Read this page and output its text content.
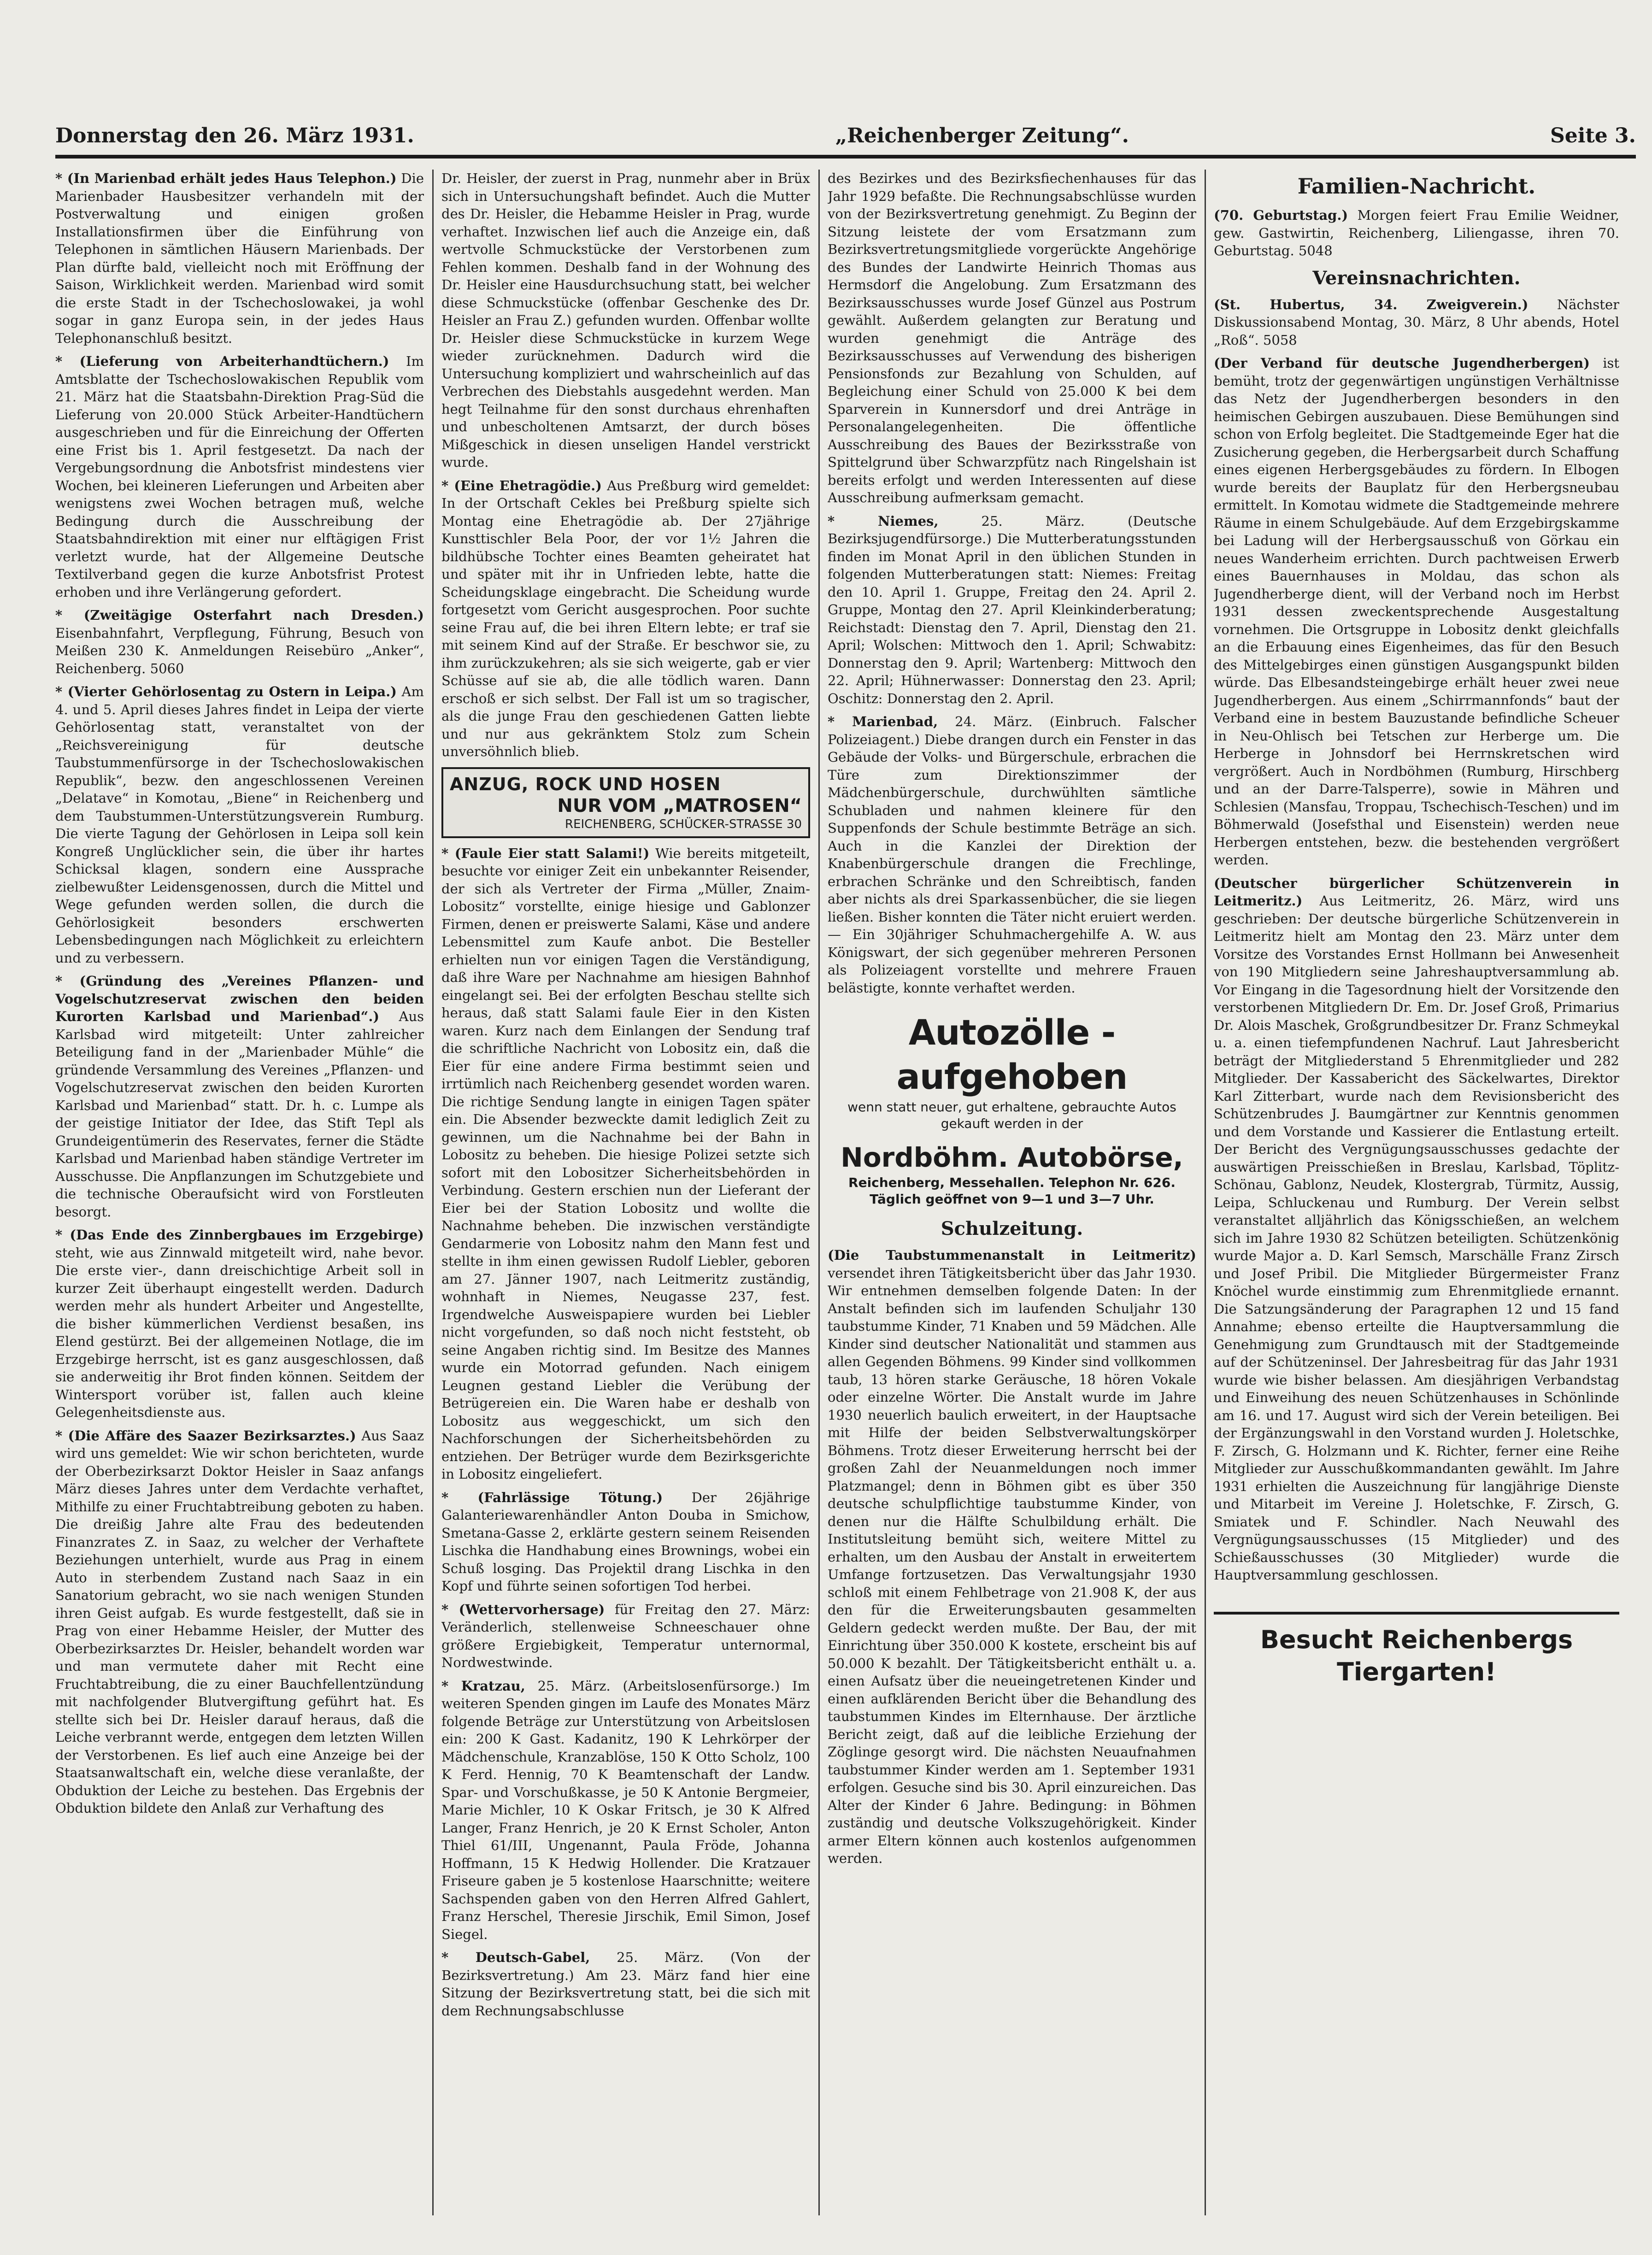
Donnerstag den 26. März 1931.	„Reichenberger Zeitung“.	Seite 3.

* (In Marienbad erhält jedes Haus Telephon.) Die Marienbader Hausbesitzer verhandeln mit der Postverwaltung und einigen großen Installationsfirmen über die Einführung von Telephonen in sämtlichen Häusern Marienbads. Der Plan dürfte bald, vielleicht noch mit Eröffnung der Saison, Wirklichkeit werden. Marienbad wird somit die erste Stadt in der Tschechoslowakei, ja wohl sogar in ganz Europa sein, in der jedes Haus Telephonanschluß besitzt.

* (Lieferung von Arbeiterhandtüchern.) Im Amtsblatte der Tschechoslowakischen Republik vom 21. März hat die Staatsbahn-Direktion Prag-Süd die Lieferung von 20.000 Stück Arbeiter-Handtüchern ausgeschrieben und für die Einreichung der Offerten eine Frist bis 1. April festgesetzt. Da nach der Vergebungsordnung die Anbotsfrist mindestens vier Wochen, bei kleineren Lieferungen und Arbeiten aber wenigstens zwei Wochen betragen muß, welche Bedingung durch die Ausschreibung der Staatsbahndirektion mit einer nur elftägigen Frist verletzt wurde, hat der Allgemeine Deutsche Textilverband gegen die kurze Anbotsfrist Protest erhoben und ihre Verlängerung gefordert.

* (Zweitägige Osterfahrt nach Dresden.) Eisenbahnfahrt, Verpflegung, Führung, Besuch von Meißen 230 K. Anmeldungen Reisebüro „Anker“, Reichenberg. 5060

* (Vierter Gehörlosentag zu Ostern in Leipa.) Am 4. und 5. April dieses Jahres findet in Leipa der vierte Gehörlosentag statt, veranstaltet von der „Reichsvereinigung für deutsche Taubstummenfürsorge in der Tschechoslowakischen Republik“, bezw. den angeschlossenen Vereinen „Delatave“ in Komotau, „Biene“ in Reichenberg und dem Taubstummen-Unterstützungsverein Rumburg. Die vierte Tagung der Gehörlosen in Leipa soll kein Kongreß Unglücklicher sein, die über ihr hartes Schicksal klagen, sondern eine Aussprache zielbewußter Leidensgenossen, durch die Mittel und Wege gefunden werden sollen, die durch die Gehörlosigkeit besonders erschwerten Lebensbedingungen nach Möglichkeit zu erleichtern und zu verbessern.

* (Gründung des „Vereines Pflanzen- und Vogelschutzreservat zwischen den beiden Kurorten Karlsbad und Marienbad“.) Aus Karlsbad wird mitgeteilt: Unter zahlreicher Beteiligung fand in der „Marienbader Mühle“ die gründende Versammlung des Vereines „Pflanzen- und Vogelschutzreservat zwischen den beiden Kurorten Karlsbad und Marienbad“ statt. Dr. h. c. Lumpe als der geistige Initiator der Idee, das Stift Tepl als Grundeigentümerin des Reservates, ferner die Städte Karlsbad und Marienbad haben ständige Vertreter im Ausschusse. Die Anpflanzungen im Schutzgebiete und die technische Oberaufsicht wird von Forstleuten besorgt.

* (Das Ende des Zinnbergbaues im Erzgebirge) steht, wie aus Zinnwald mitgeteilt wird, nahe bevor. Die erste vier-, dann dreischichtige Arbeit soll in kurzer Zeit überhaupt eingestellt werden. Dadurch werden mehr als hundert Arbeiter und Angestellte, die bisher kümmerlichen Verdienst besaßen, ins Elend gestürzt. Bei der allgemeinen Notlage, die im Erzgebirge herrscht, ist es ganz ausgeschlossen, daß sie anderweitig ihr Brot finden können. Seitdem der Wintersport vorüber ist, fallen auch kleine Gelegenheitsdienste aus.

* (Die Affäre des Saazer Bezirksarztes.) Aus Saaz wird uns gemeldet: Wie wir schon berichteten, wurde der Oberbezirksarzt Doktor Heisler in Saaz anfangs März dieses Jahres unter dem Verdachte verhaftet, Mithilfe zu einer Fruchtabtreibung geboten zu haben. Die dreißig Jahre alte Frau des bedeutenden Finanzrates Z. in Saaz, zu welcher der Verhaftete Beziehungen unterhielt, wurde aus Prag in einem Auto in sterbendem Zustand nach Saaz in ein Sanatorium gebracht, wo sie nach wenigen Stunden ihren Geist aufgab. Es wurde festgestellt, daß sie in Prag von einer Hebamme Heisler, der Mutter des Oberbezirksarztes Dr. Heisler, behandelt worden war und man vermutete daher mit Recht eine Fruchtabtreibung, die zu einer Bauchfellentzündung mit nachfolgender Blutvergiftung geführt hat. Es stellte sich bei Dr. Heisler darauf heraus, daß die Leiche verbrannt werde, entgegen dem letzten Willen der Verstorbenen. Es lief auch eine Anzeige bei der Staatsanwaltschaft ein, welche diese veranlaßte, der Obduktion der Leiche zu bestehen. Das Ergebnis der Obduktion bildete den Anlaß zur Verhaftung des

Dr. Heisler, der zuerst in Prag, nunmehr aber in Brüx sich in Untersuchungshaft befindet. Auch die Mutter des Dr. Heisler, die Hebamme Heisler in Prag, wurde verhaftet. Inzwischen lief auch die Anzeige ein, daß wertvolle Schmuckstücke der Verstorbenen zum Fehlen kommen. Deshalb fand in der Wohnung des Dr. Heisler eine Hausdurchsuchung statt, bei welcher diese Schmuckstücke (offenbar Geschenke des Dr. Heisler an Frau Z.) gefunden wurden. Offenbar wollte Dr. Heisler diese Schmuckstücke in kurzem Wege wieder zurücknehmen. Dadurch wird die Untersuchung kompliziert und wahrscheinlich auf das Verbrechen des Diebstahls ausgedehnt werden. Man hegt Teilnahme für den sonst durchaus ehrenhaften und unbescholtenen Amtsarzt, der durch böses Mißgeschick in diesen unseligen Handel verstrickt wurde.

* (Eine Ehetragödie.) Aus Preßburg wird gemeldet: In der Ortschaft Cekles bei Preßburg spielte sich Montag eine Ehetragödie ab. Der 27jährige Kunsttischler Bela Poor, der vor 1½ Jahren die bildhübsche Tochter eines Beamten geheiratet hat und später mit ihr in Unfrieden lebte, hatte die Scheidungsklage eingebracht. Die Scheidung wurde fortgesetzt vom Gericht ausgesprochen. Poor suchte seine Frau auf, die bei ihren Eltern lebte; er traf sie mit seinem Kind auf der Straße. Er beschwor sie, zu ihm zurückzukehren; als sie sich weigerte, gab er vier Schüsse auf sie ab, die alle tödlich waren. Dann erschoß er sich selbst. Der Fall ist um so tragischer, als die junge Frau den geschiedenen Gatten liebte und nur aus gekränktem Stolz zum Schein unversöhnlich blieb.

ANZUG, ROCK UND HOSEN
NUR VOM „MATROSEN“
REICHENBERG, SCHÜCKER-STRASSE 30

* (Faule Eier statt Salami!) Wie bereits mitgeteilt, besuchte vor einiger Zeit ein unbekannter Reisender, der sich als Vertreter der Firma „Müller, Znaim-Lobositz“ vorstellte, einige hiesige und Gablonzer Firmen, denen er preiswerte Salami, Käse und andere Lebensmittel zum Kaufe anbot. Die Besteller erhielten nun vor einigen Tagen die Verständigung, daß ihre Ware per Nachnahme am hiesigen Bahnhof eingelangt sei. Bei der erfolgten Beschau stellte sich heraus, daß statt Salami faule Eier in den Kisten waren. Kurz nach dem Einlangen der Sendung traf die schriftliche Nachricht von Lobositz ein, daß die Eier für eine andere Firma bestimmt seien und irrtümlich nach Reichenberg gesendet worden waren. Die richtige Sendung langte in einigen Tagen später ein. Die Absender bezweckte damit lediglich Zeit zu gewinnen, um die Nachnahme bei der Bahn in Lobositz zu beheben. Die hiesige Polizei setzte sich sofort mit den Lobositzer Sicherheitsbehörden in Verbindung. Gestern erschien nun der Lieferant der Eier bei der Station Lobositz und wollte die Nachnahme beheben. Die inzwischen verständigte Gendarmerie von Lobositz nahm den Mann fest und stellte in ihm einen gewissen Rudolf Liebler, geboren am 27. Jänner 1907, nach Leitmeritz zuständig, wohnhaft in Niemes, Neugasse 237, fest. Irgendwelche Ausweispapiere wurden bei Liebler nicht vorgefunden, so daß noch nicht feststeht, ob seine Angaben richtig sind. Im Besitze des Mannes wurde ein Motorrad gefunden. Nach einigem Leugnen gestand Liebler die Verübung der Betrügereien ein. Die Waren habe er deshalb von Lobositz aus weggeschickt, um sich den Nachforschungen der Sicherheitsbehörden zu entziehen. Der Betrüger wurde dem Bezirksgerichte in Lobositz eingeliefert.

* (Fahrlässige Tötung.) Der 26jährige Galanteriewarenhändler Anton Douba in Smichow, Smetana-Gasse 2, erklärte gestern seinem Reisenden Lischka die Handhabung eines Brownings, wobei ein Schuß losging. Das Projektil drang Lischka in den Kopf und führte seinen sofortigen Tod herbei.

* (Wettervorhersage) für Freitag den 27. März: Veränderlich, stellenweise Schneeschauer ohne größere Ergiebigkeit, Temperatur unternormal, Nordwestwinde.

* Kratzau, 25. März. (Arbeitslosenfürsorge.) Im weiteren Spenden gingen im Laufe des Monates März folgende Beträge zur Unterstützung von Arbeitslosen ein: 200 K Gast. Kadanitz, 190 K Lehrkörper der Mädchenschule, Kranzablöse, 150 K Otto Scholz, 100 K Ferd. Hennig, 70 K Beamtenschaft der Landw. Spar- und Vorschußkasse, je 50 K Antonie Bergmeier, Marie Michler, 10 K Oskar Fritsch, je 30 K Alfred Langer, Franz Henrich, je 20 K Ernst Scholer, Anton Thiel 61/III, Ungenannt, Paula Fröde, Johanna Hoffmann, 15 K Hedwig Hollender. Die Kratzauer Friseure gaben je 5 kostenlose Haarschnitte; weitere Sachspenden gaben von den Herren Alfred Gahlert, Franz Herschel, Theresie Jirschik, Emil Simon, Josef Siegel.

* Deutsch-Gabel, 25. März. (Von der Bezirksvertretung.) Am 23. März fand hier eine Sitzung der Bezirksvertretung statt, bei die sich mit dem Rechnungsabschlusse

des Bezirkes und des Bezirksfiechenhauses für das Jahr 1929 befaßte. Die Rechnungsabschlüsse wurden von der Bezirksvertretung genehmigt. Zu Beginn der Sitzung leistete der vom Ersatzmann zum Bezirksvertretungsmitgliede vorgerückte Angehörige des Bundes der Landwirte Heinrich Thomas aus Hermsdorf die Angelobung. Zum Ersatzmann des Bezirksausschusses wurde Josef Günzel aus Postrum gewählt. Außerdem gelangten zur Beratung und wurden genehmigt die Anträge des Bezirksausschusses auf Verwendung des bisherigen Pensionsfonds zur Bezahlung von Schulden, auf Begleichung einer Schuld von 25.000 K bei dem Sparverein in Kunnersdorf und drei Anträge in Personalangelegenheiten. Die öffentliche Ausschreibung des Baues der Bezirksstraße von Spittelgrund über Schwarzpfütz nach Ringelshain ist bereits erfolgt und werden Interessenten auf diese Ausschreibung aufmerksam gemacht.

* Niemes,	25. März. (Deutsche Bezirksjugendfürsorge.) Die Mutterberatungsstunden finden im Monat April in den üblichen Stunden in folgenden Mutterberatungen statt: Niemes: Freitag den 10. April 1. Gruppe, Freitag den 24. April 2. Gruppe, Montag den 27. April Kleinkinderberatung; Reichstadt: Dienstag den 7. April, Dienstag den 21. April; Wolschen: Mittwoch den 1. April; Schwabitz: Donnerstag den 9. April; Wartenberg: Mittwoch den 22. April; Hühnerwasser: Donnerstag den 23. April; Oschitz: Donnerstag den 2. April.

* Marienbad, 24. März. (Einbruch. Falscher Polizeiagent.) Diebe drangen durch ein Fenster in das Gebäude der Volks- und Bürgerschule, erbrachen die Türe zum Direktionszimmer der Mädchenbürgerschule, durchwühlten sämtliche Schubladen und nahmen kleinere für den Suppenfonds der Schule bestimmte Beträge an sich. Auch in die Kanzlei der Direktion der Knabenbürgerschule drangen die Frechlinge, erbrachen Schränke und den Schreibtisch, fanden aber nichts als drei Sparkassenbücher, die sie liegen ließen. Bisher konnten die Täter nicht eruiert werden. — Ein 30jähriger Schuhmachergehilfe A. W. aus Königswart, der sich gegenüber mehreren Personen als Polizeiagent vorstellte und mehrere Frauen belästigte, konnte verhaftet werden.

Autozölle - aufgehoben
wenn statt neuer, gut erhaltene, gebrauchte Autos gekauft werden in der
Nordböhm. Autobörse,
Reichenberg, Messehallen. Telephon Nr. 626. Täglich geöffnet von 9—1 und 3—7 Uhr.
Schulzeitung.

(Die Taubstummenanstalt in Leitmeritz) versendet ihren Tätigkeitsbericht über das Jahr 1930. Wir entnehmen demselben folgende Daten: In der Anstalt befinden sich im laufenden Schuljahr 130 taubstumme Kinder, 71 Knaben und 59 Mädchen. Alle Kinder sind deutscher Nationalität und stammen aus allen Gegenden Böhmens. 99 Kinder sind vollkommen taub, 13 hören starke Geräusche, 18 hören Vokale oder einzelne Wörter. Die Anstalt wurde im Jahre 1930 neuerlich baulich erweitert, in der Hauptsache mit Hilfe der beiden Selbstverwaltungskörper Böhmens. Trotz dieser Erweiterung herrscht bei der großen Zahl der Neuanmeldungen noch immer Platzmangel; denn in Böhmen gibt es über 350 deutsche schulpflichtige taubstumme Kinder, von denen nur die Hälfte Schulbildung erhält. Die Institutsleitung bemüht sich, weitere Mittel zu erhalten, um den Ausbau der Anstalt in erweitertem Umfange fortzusetzen. Das Verwaltungsjahr 1930 schloß mit einem Fehlbetrage von 21.908 K, der aus den für die Erweiterungsbauten gesammelten Geldern gedeckt werden mußte. Der Bau, der mit Einrichtung über 350.000 K kostete, erscheint bis auf 50.000 K bezahlt. Der Tätigkeitsbericht enthält u. a. einen Aufsatz über die neueingetretenen Kinder und einen aufklärenden Bericht über die Behandlung des taubstummen Kindes im Elternhause. Der ärztliche Bericht zeigt, daß auf die leibliche Erziehung der Zöglinge gesorgt wird. Die nächsten Neuaufnahmen taubstummer Kinder werden am 1. September 1931 erfolgen. Gesuche sind bis 30. April einzureichen. Das Alter der Kinder 6 Jahre. Bedingung: in Böhmen zuständig und deutsche Volkszugehörigkeit. Kinder armer Eltern können auch kostenlos aufgenommen werden.

Familien-Nachricht.

(70. Geburtstag.) Morgen feiert Frau Emilie Weidner, gew. Gastwirtin, Reichenberg, Liliengasse, ihren 70. Geburtstag. 5048

Vereinsnachrichten.

(St. Hubertus, 34. Zweigverein.) Nächster Diskussionsabend Montag, 30. März, 8 Uhr abends, Hotel „Roß“. 5058

(Der Verband für deutsche Jugendherbergen) ist bemüht, trotz der gegenwärtigen ungünstigen Verhältnisse das Netz der Jugendherbergen besonders in den heimischen Gebirgen auszubauen. Diese Bemühungen sind schon von Erfolg begleitet. Die Stadtgemeinde Eger hat die Zusicherung gegeben, die Herbergsarbeit durch Schaffung eines eigenen Herbergsgebäudes zu fördern. In Elbogen wurde bereits der Bauplatz für den Herbergsneubau ermittelt. In Komotau widmete die Stadtgemeinde mehrere Räume in einem Schulgebäude. Auf dem Erzgebirgskamme bei Ladung will der Herbergsausschuß von Görkau ein neues Wanderheim errichten. Durch pachtweisen Erwerb eines Bauernhauses in Moldau, das schon als Jugendherberge dient, will der Verband noch im Herbst 1931 dessen zweckentsprechende Ausgestaltung vornehmen. Die Ortsgruppe in Lobositz denkt gleichfalls an die Erbauung eines Eigenheimes, das für den Besuch des Mittelgebirges einen günstigen Ausgangspunkt bilden würde. Das Elbesandsteingebirge erhält heuer zwei neue Jugendherbergen. Aus einem „Schirrmannfonds“ baut der Verband eine in bestem Bauzustande befindliche Scheuer in Neu-Ohlisch bei Tetschen zur Herberge um. Die Herberge in Johnsdorf bei Herrnskretschen wird vergrößert. Auch in Nordböhmen (Rumburg, Hirschberg und an der Darre-Talsperre), sowie in Mähren und Schlesien (Mansfau, Troppau, Tschechisch-Teschen) und im Böhmerwald (Josefsthal und Eisenstein) werden neue Herbergen entstehen, bezw. die bestehenden vergrößert werden.

(Deutscher bürgerlicher Schützenverein in Leitmeritz.) Aus Leitmeritz, 26. März, wird uns geschrieben: Der deutsche bürgerliche Schützenverein in Leitmeritz hielt am Montag den 23. März unter dem Vorsitze des Vorstandes Ernst Hollmann bei Anwesenheit von 190 Mitgliedern seine Jahreshauptversammlung ab. Vor Eingang in die Tagesordnung hielt der Vorsitzende den verstorbenen Mitgliedern Dr. Em. Dr. Josef Groß, Primarius Dr. Alois Maschek, Großgrundbesitzer Dr. Franz Schmeykal u. a. einen tiefempfundenen Nachruf. Laut Jahresbericht beträgt der Mitgliederstand 5 Ehrenmitglieder und 282 Mitglieder. Der Kassabericht des Säckelwartes, Direktor Karl Zitterbart, wurde nach dem Revisionsbericht des Schützenbrudes J. Baumgärtner zur Kenntnis genommen und dem Vorstande und Kassierer die Entlastung erteilt. Der Bericht des Vergnügungsausschusses gedachte der auswärtigen Preisschießen in Breslau, Karlsbad, Töplitz-Schönau, Gablonz, Neudek, Klostergrab, Türmitz, Aussig, Leipa, Schluckenau und Rumburg. Der Verein selbst veranstaltet alljährlich das Königsschießen, an welchem sich im Jahre 1930 82 Schützen beteiligten. Schützenkönig wurde Major a. D. Karl Semsch, Marschälle Franz Zirsch und Josef Pribil. Die Mitglieder Bürgermeister Franz Knöchel wurde einstimmig zum Ehrenmitgliede ernannt. Die Satzungsänderung der Paragraphen 12 und 15 fand Annahme; ebenso erteilte die Hauptversammlung die Genehmigung zum Grundtausch mit der Stadtgemeinde auf der Schützeninsel. Der Jahresbeitrag für das Jahr 1931 wurde wie bisher belassen. Am diesjährigen Verbandstag und Einweihung des neuen Schützenhauses in Schönlinde am 16. und 17. August wird sich der Verein beteiligen. Bei der Ergänzungswahl in den Vorstand wurden J. Holetschke, F. Zirsch, G. Holzmann und K. Richter, ferner eine Reihe Mitglieder zur Ausschußkommandanten gewählt. Im Jahre 1931 erhielten die Auszeichnung für langjährige Dienste und Mitarbeit im Vereine J. Holetschke, F. Zirsch, G. Smiatek und F. Schindler. Nach Neuwahl des Vergnügungsausschusses (15 Mitglieder) und des Schießausschusses (30 Mitglieder) wurde die Hauptversammlung geschlossen.

Besucht Reichenbergs Tiergarten!
